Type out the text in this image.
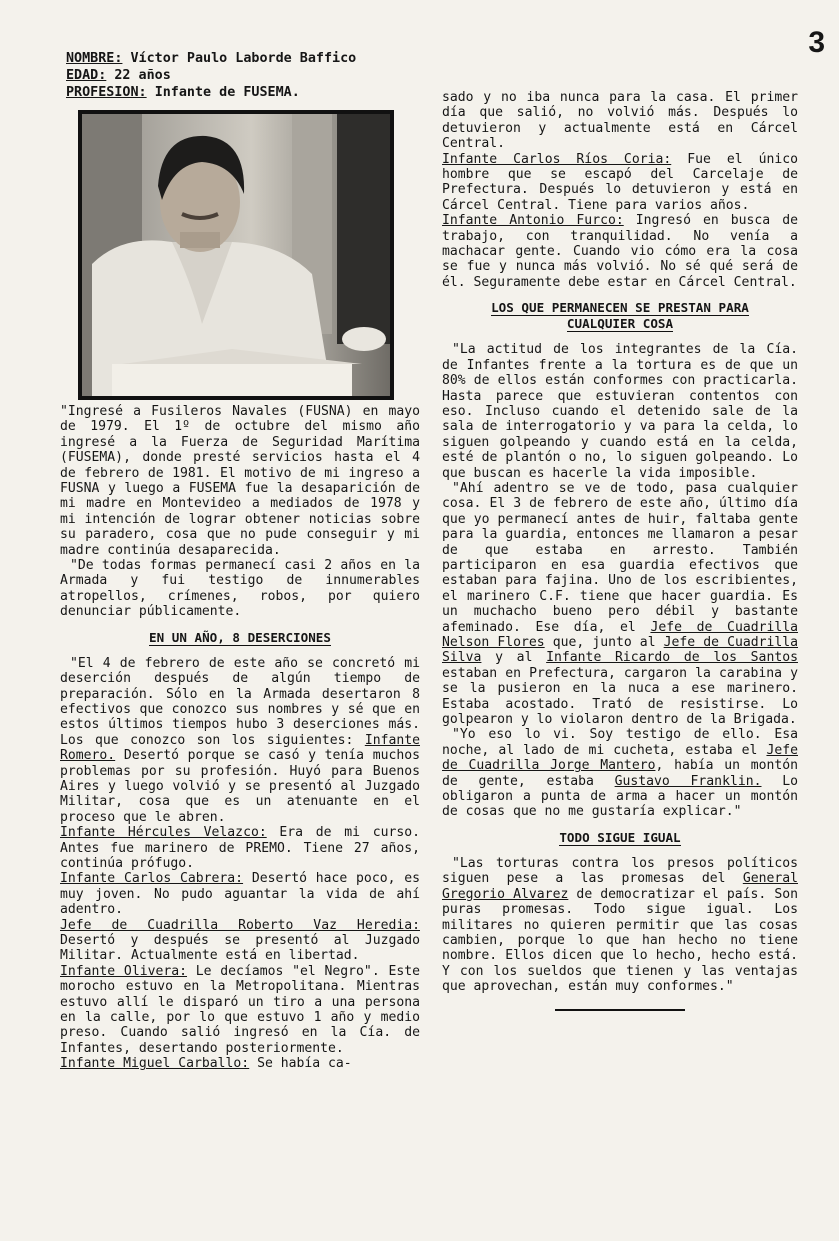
3
NOMBRE: Víctor Paulo Laborde Baffico
EDAD: 22 años
PROFESION: Infante de FUSEMA.

"Ingresé a Fusileros Navales (FUSNA) en mayo de 1979. El 1º de octubre del mismo año ingresé a la Fuerza de Seguridad Marítima (FUSEMA), donde presté servicios hasta el 4 de febrero de 1981. El motivo de mi ingreso a FUSNA y luego a FUSEMA fue la desaparición de mi madre en Montevideo a mediados de 1978 y mi intención de lograr obtener noticias sobre su paradero, cosa que no pude conseguir y mi madre continúa desaparecida.

"De todas formas permanecí casi 2 años en la Armada y fui testigo de innumerables atropellos, crímenes, robos, por quiero denunciar públicamente.

EN UN AÑO, 8 DESERCIONES

"El 4 de febrero de este año se concretó mi deserción después de algún tiempo de preparación. Sólo en la Armada desertaron 8 efectivos que conozco sus nombres y sé que en estos últimos tiempos hubo 3 deserciones más. Los que conozco son los siguientes: Infante Romero. Desertó porque se casó y tenía muchos problemas por su profesión. Huyó para Buenos Aires y luego volvió y se presentó al Juzgado Militar, cosa que es un atenuante en el proceso que le abren.

Infante Hércules Velazco: Era de mi curso. Antes fue marinero de PREMO. Tiene 27 años, continúa prófugo.

Infante Carlos Cabrera: Desertó hace poco, es muy joven. No pudo aguantar la vida de ahí adentro.

Jefe de Cuadrilla Roberto Vaz Heredia: Desertó y después se presentó al Juzgado Militar. Actualmente está en libertad.

Infante Olivera: Le decíamos "el Negro". Este morocho estuvo en la Metropolitana. Mientras estuvo allí le disparó un tiro a una persona en la calle, por lo que estuvo 1 año y medio preso. Cuando salió ingresó en la Cía. de Infantes, desertando posteriormente.

Infante Miguel Carballo: Se había ca-

sado y no iba nunca para la casa. El primer día que salió, no volvió más. Después lo detuvieron y actualmente está en Cárcel Central.

Infante Carlos Ríos Coria: Fue el único hombre que se escapó del Carcelaje de Prefectura. Después lo detuvieron y está en Cárcel Central. Tiene para varios años.

Infante Antonio Furco: Ingresó en busca de trabajo, con tranquilidad. No venía a machacar gente. Cuando vio cómo era la cosa se fue y nunca más volvió. No sé qué será de él. Seguramente debe estar en Cárcel Central.

LOS QUE PERMANECEN SE PRESTAN PARA
CUALQUIER COSA

"La actitud de los integrantes de la Cía. de Infantes frente a la tortura es de que un 80% de ellos están conformes con practicarla. Hasta parece que estuvieran contentos con eso. Incluso cuando el detenido sale de la sala de interrogatorio y va para la celda, lo siguen golpeando y cuando está en la celda, esté de plantón o no, lo siguen golpeando. Lo que buscan es hacerle la vida imposible.

"Ahí adentro se ve de todo, pasa cualquier cosa. El 3 de febrero de este año, último día que yo permanecí antes de huir, faltaba gente para la guardia, entonces me llamaron a pesar de que estaba en arresto. También participaron en esa guardia efectivos que estaban para fajina. Uno de los escribientes, el marinero C.F. tiene que hacer guardia. Es un muchacho bueno pero débil y bastante afeminado. Ese día, el Jefe de Cuadrilla Nelson Flores que, junto al Jefe de Cuadrilla Silva y al Infante Ricardo de los Santos estaban en Prefectura, cargaron la carabina y se la pusieron en la nuca a ese marinero. Estaba acostado. Trató de resistirse. Lo golpearon y lo violaron dentro de la Brigada.

"Yo eso lo vi. Soy testigo de ello. Esa noche, al lado de mi cucheta, estaba el Jefe de Cuadrilla Jorge Mantero, había un montón de gente, estaba Gustavo Franklin. Lo obligaron a punta de arma a hacer un montón de cosas que no me gustaría explicar."

TODO SIGUE IGUAL

"Las torturas contra los presos políticos siguen pese a las promesas del General Gregorio Alvarez de democratizar el país. Son puras promesas. Todo sigue igual. Los militares no quieren permitir que las cosas cambien, porque lo que han hecho no tiene nombre. Ellos dicen que lo hecho, hecho está. Y con los sueldos que tienen y las ventajas que aprovechan, están muy conformes."
